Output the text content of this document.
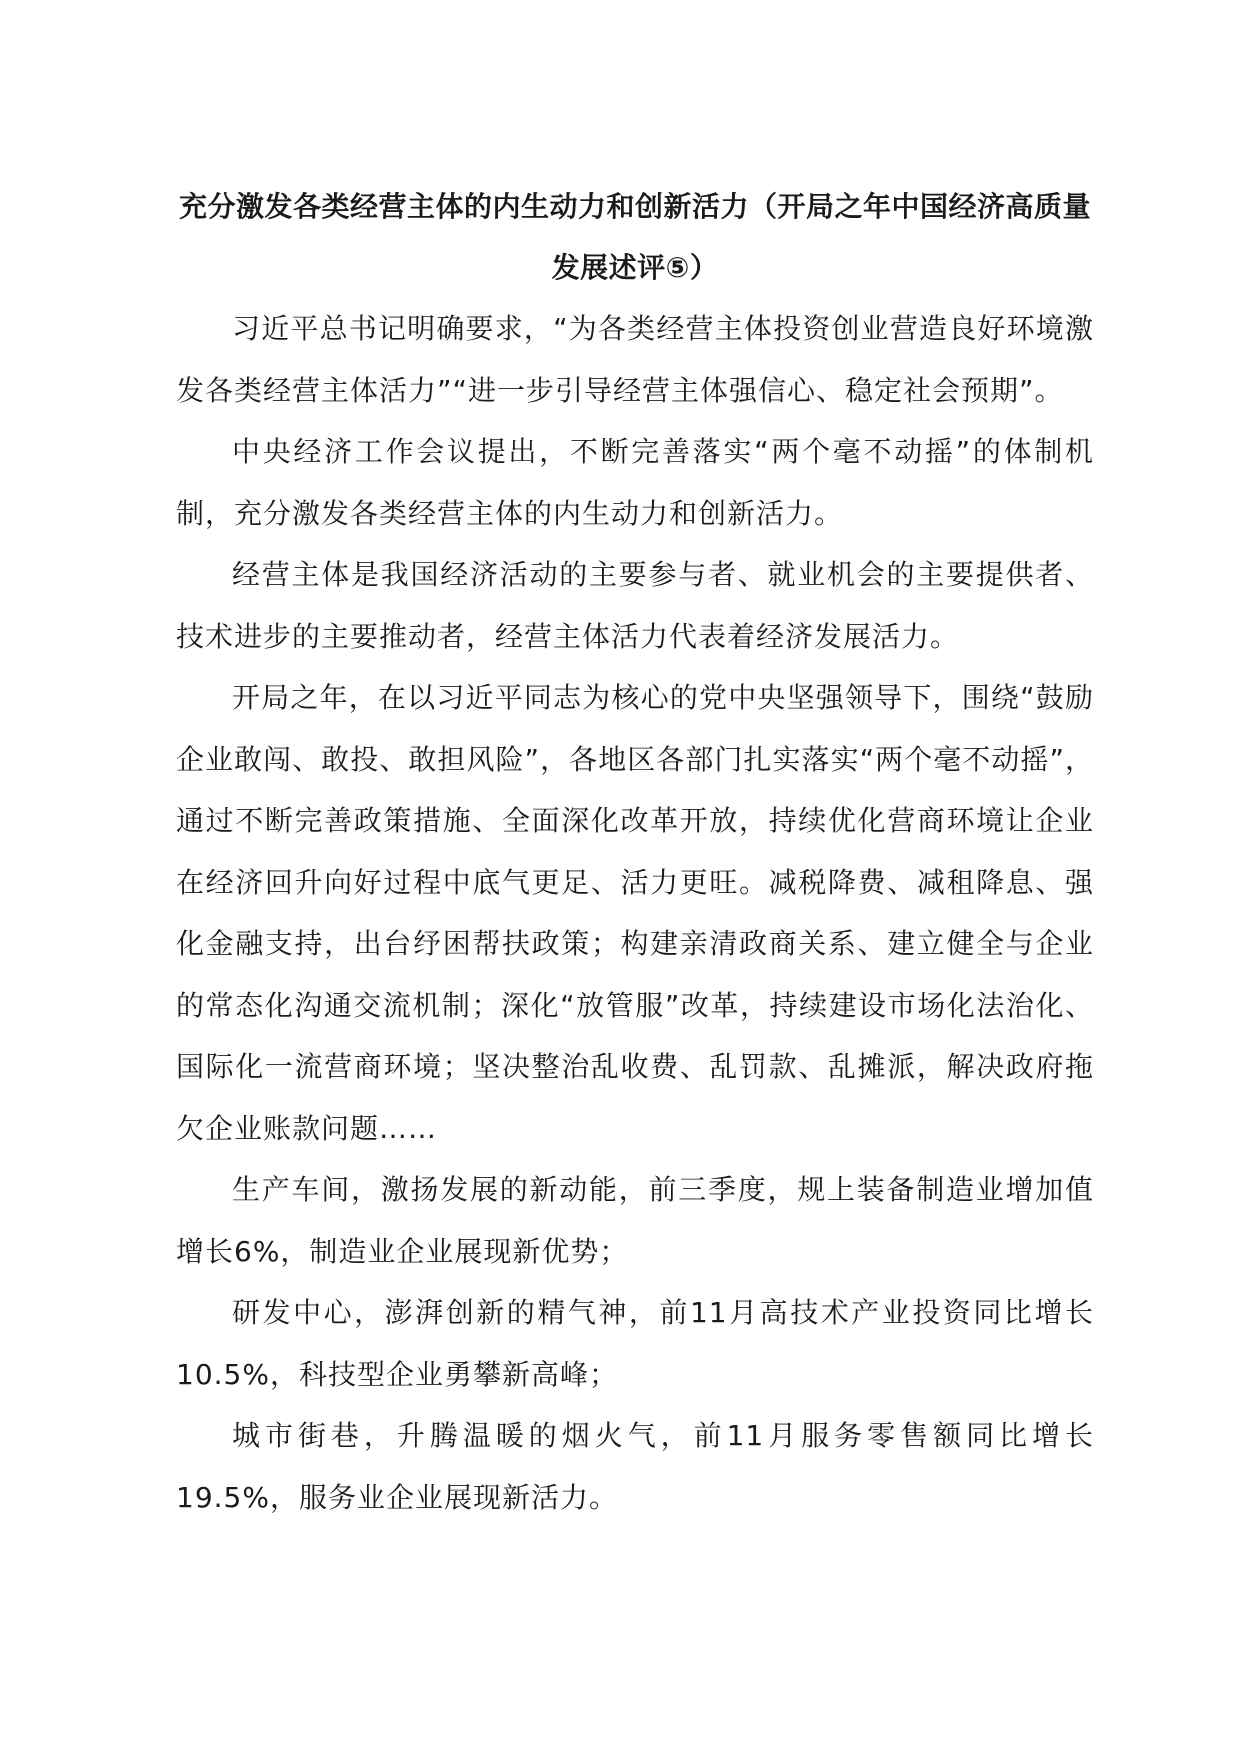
充分激发各类经营主体的内生动力和创新活力（开局之年中国经济高质量发展述评⑤）

习近平总书记明确要求，“为各类经营主体投资创业营造良好环境激发各类经营主体活力”“进一步引导经营主体强信心、稳定社会预期”。

中央经济工作会议提出，不断完善落实“两个毫不动摇”的体制机制，充分激发各类经营主体的内生动力和创新活力。

经营主体是我国经济活动的主要参与者、就业机会的主要提供者、技术进步的主要推动者，经营主体活力代表着经济发展活力。

开局之年，在以习近平同志为核心的党中央坚强领导下，围绕“鼓励企业敢闯、敢投、敢担风险”，各地区各部门扎实落实“两个毫不动摇”，通过不断完善政策措施、全面深化改革开放，持续优化营商环境让企业在经济回升向好过程中底气更足、活力更旺。减税降费、减租降息、强化金融支持，出台纾困帮扶政策；构建亲清政商关系、建立健全与企业的常态化沟通交流机制；深化“放管服”改革，持续建设市场化法治化、国际化一流营商环境；坚决整治乱收费、乱罚款、乱摊派，解决政府拖欠企业账款问题……

生产车间，激扬发展的新动能，前三季度，规上装备制造业增加值增长6%，制造业企业展现新优势；

研发中心，澎湃创新的精气神，前11月高技术产业投资同比增长10.5%，科技型企业勇攀新高峰；

城市街巷，升腾温暖的烟火气，前11月服务零售额同比增长19.5%，服务业企业展现新活力。
